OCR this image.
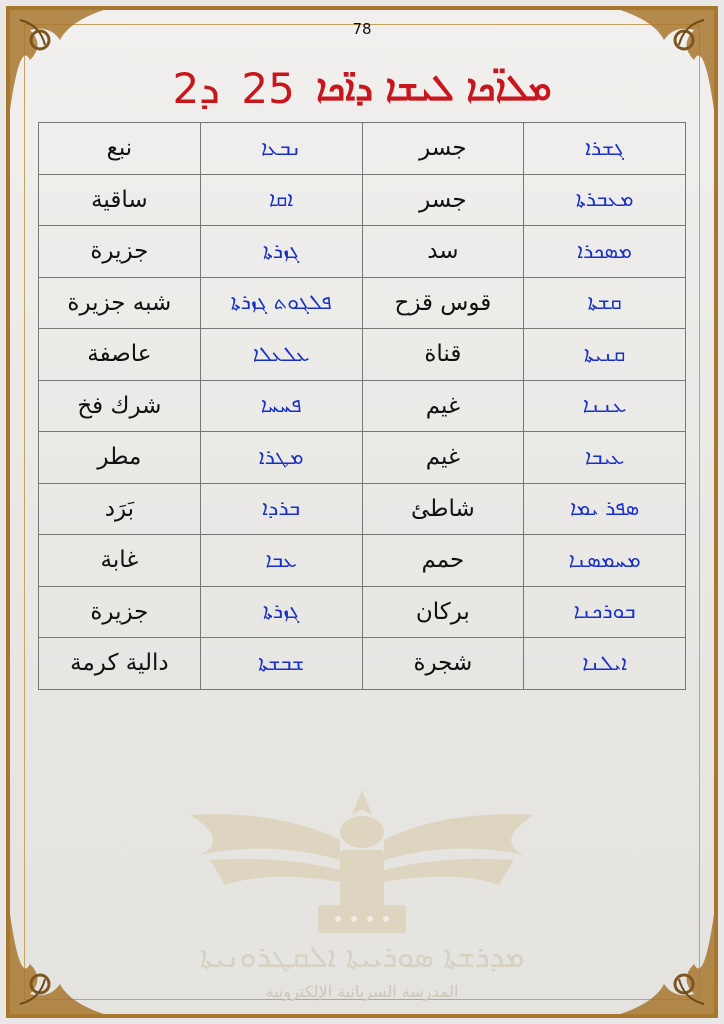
78
2ܕ 25 ܡܠܐ̈ܟܐ ܠܝܫܐ ܕܐ̈ܟܐ
ܓܫܪܐ	جسر	ܢܒܥܐ	نبع
ܡܥܒܪܬܐ	جسر	ܐܩܐ	ساقية
ܡܣܟܪܐ	سد	ܓܙܪܬܐ	جزيرة
ܩܫܬܐ	قوس قزح	ܦܠܓܘܬ ܓܙܪܬܐ	شبه جزيرة
ܩܢܝܬܐ	قناة	ܥܠܥܠܐ	عاصفة
ܥܢܢܐ	غيم	ܦܚܚܐ	شرك فخ
ܥܝܒܐ	غيم	ܡܛܪܐ	مطر
ܣܦܪ ܝܡܐ	شاطئ	ܒܪܕܐ	بَرَد
ܡܚܡܣܢܐ	حمم	ܥܒܐ	غابة
ܒܘܪܟܢܐ	بركان	ܓܙܪܬܐ	جزيرة
ܐܝܠܢܐ	شجرة	ܫܒܫܬܐ	دالية كرمة
ܡܕܪܫܬܐ ܣܘܪܝܝܬܐ ܐܠܩܛܪܘܢܝܬܐ
المدرسة السريانية الإلكترونية
